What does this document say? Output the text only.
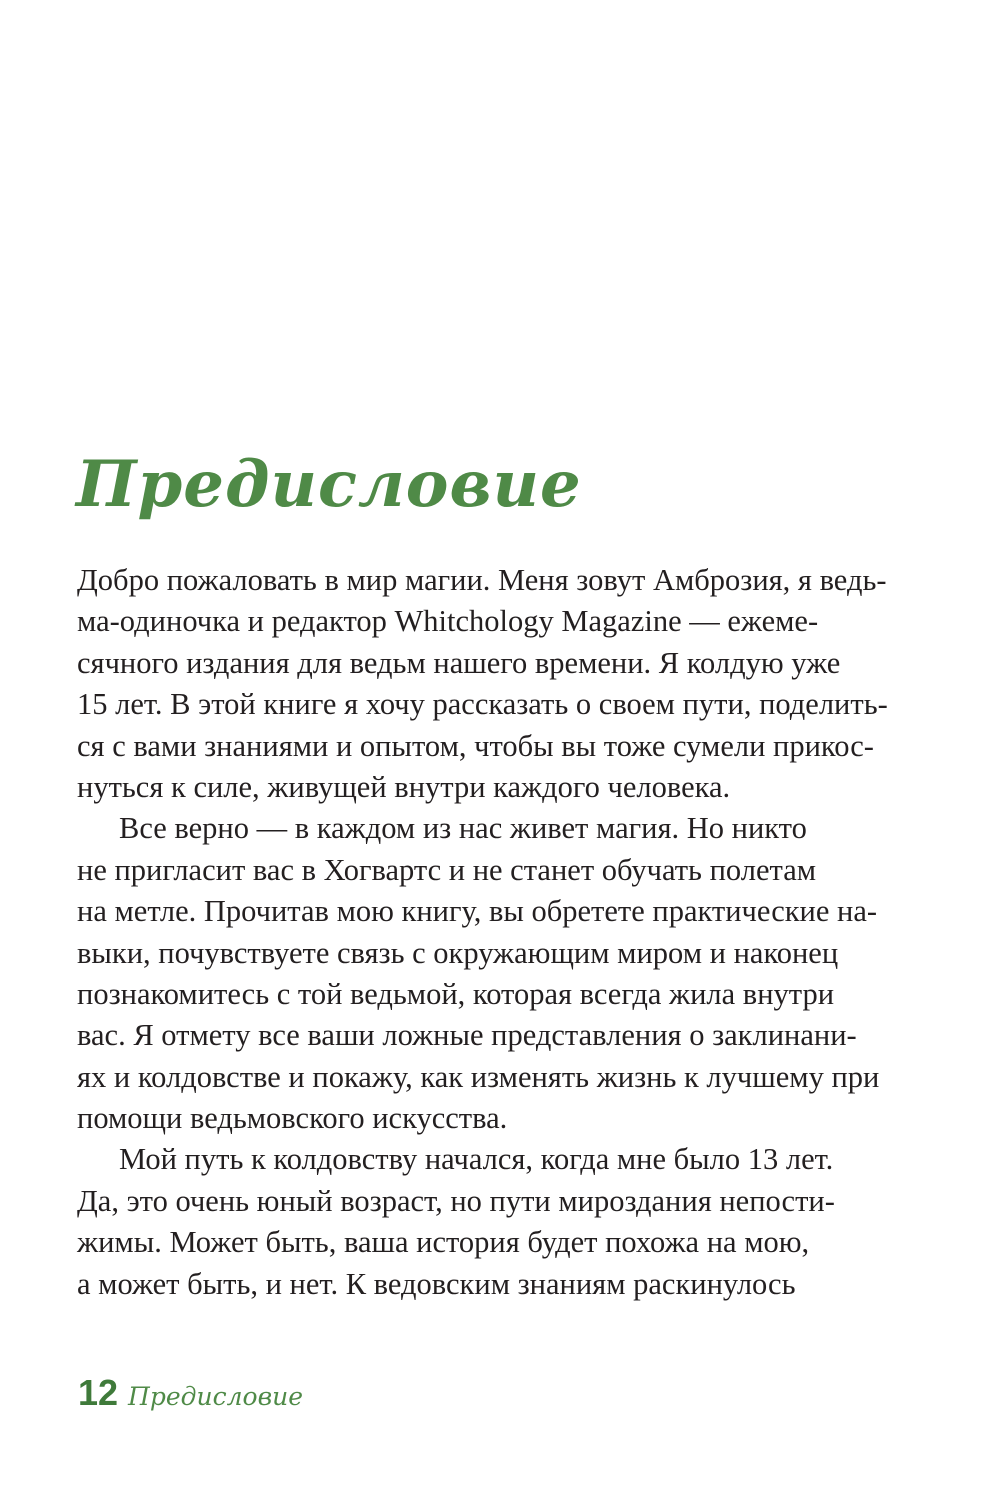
Предисловие
Добро пожаловать в мир магии. Меня зовут Амброзия, я ведь-
ма-одиночка и редактор Whitchology Magazine — ежеме-
сячного издания для ведьм нашего времени. Я колдую уже
15 лет. В этой книге я хочу рассказать о своем пути, поделить-
ся с вами знаниями и опытом, чтобы вы тоже сумели прикос-
нуться к силе, живущей внутри каждого человека.
Все верно — в каждом из нас живет магия. Но никто
не пригласит вас в Хогвартс и не станет обучать полетам
на метле. Прочитав мою книгу, вы обретете практические на-
выки, почувствуете связь с окружающим миром и наконец
познакомитесь с той ведьмой, которая всегда жила внутри
вас. Я отмету все ваши ложные представления о заклинани-
ях и колдовстве и покажу, как изменять жизнь к лучшему при
помощи ведьмовского искусства.
Мой путь к колдовству начался, когда мне было 13 лет.
Да, это очень юный возраст, но пути мироздания непости-
жимы. Может быть, ваша история будет похожа на мою,
а может быть, и нет. К ведовским знаниям раскинулось
12 Предисловие
